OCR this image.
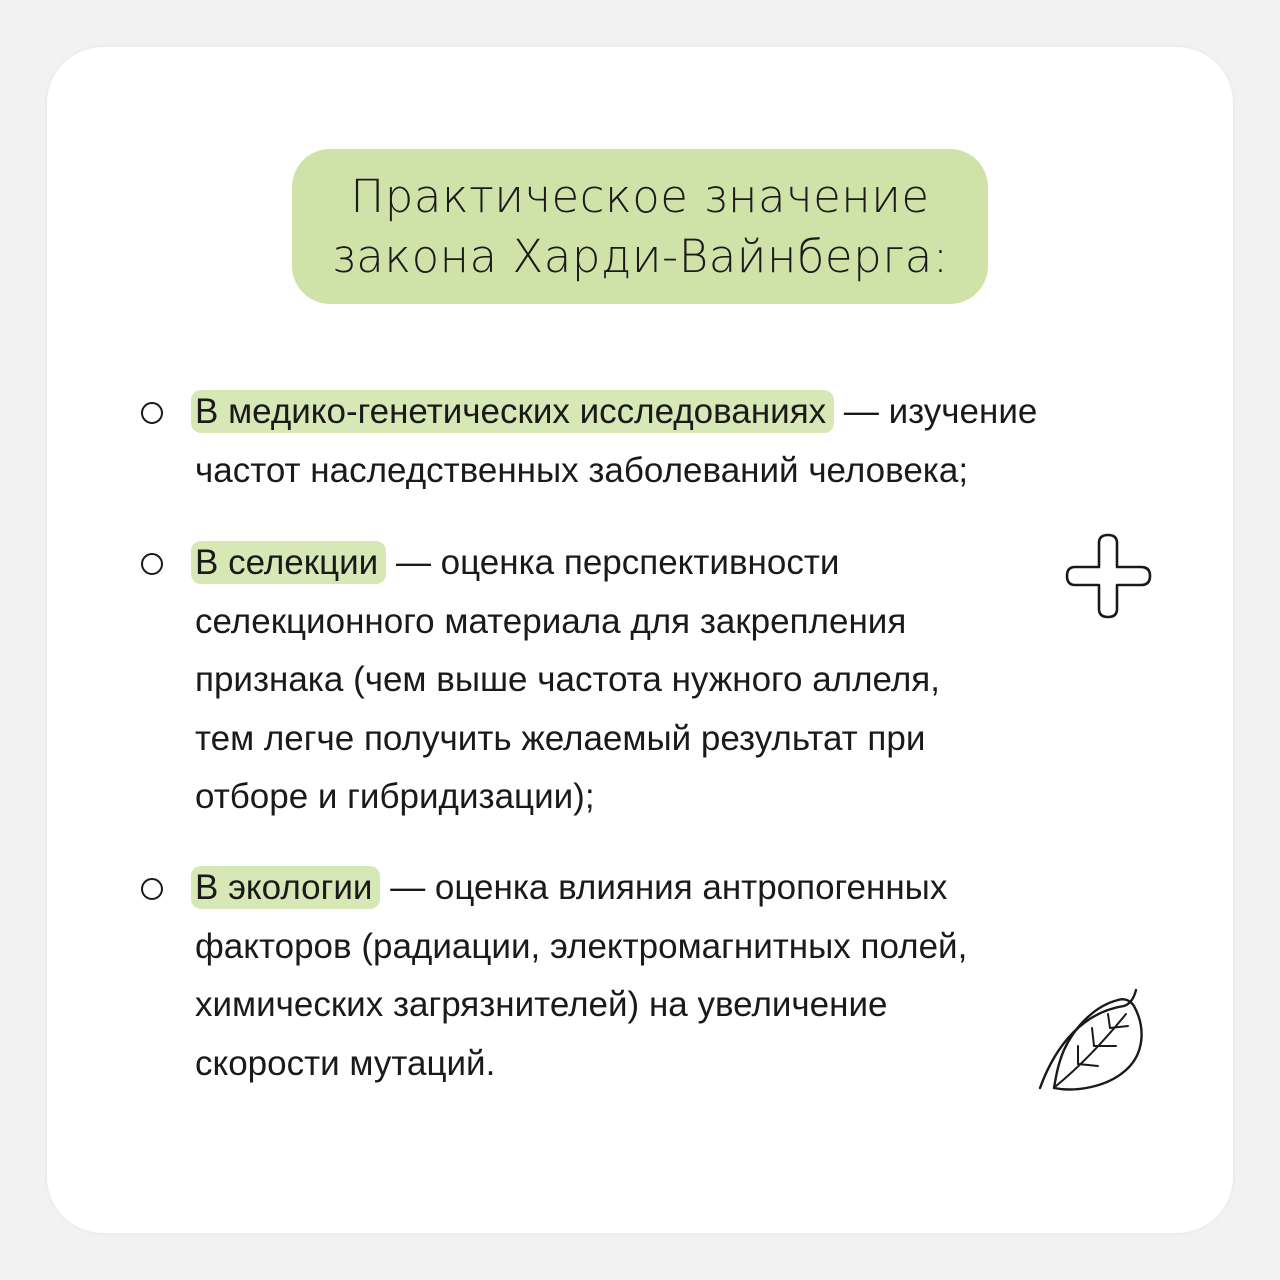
Практическое значение
закона Харди-Вайнберга:
В медико-генетических исследованиях — изучение
частот наследственных заболеваний человека;
В селекции — оценка перспективности
селекционного материала для закрепления
признака (чем выше частота нужного аллеля,
тем легче получить желаемый результат при
отборе и гибридизации);
В экологии — оценка влияния антропогенных
факторов (радиации, электромагнитных полей,
химических загрязнителей) на увеличение
скорости мутаций.
